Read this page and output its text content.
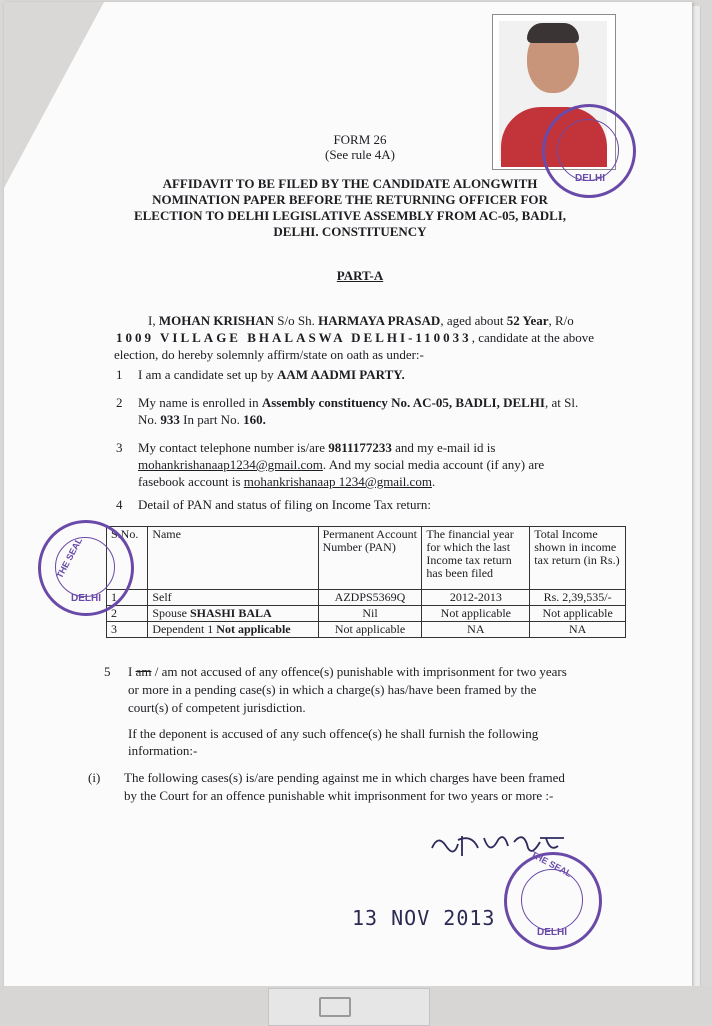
DELHI
FORM 26
(See rule 4A)
AFFIDAVIT TO BE FILED BY THE CANDIDATE ALONGWITH
NOMINATION PAPER BEFORE THE RETURNING OFFICER FOR
ELECTION TO DELHI LEGISLATIVE ASSEMBLY FROM AC-05, BADLI,
DELHI. CONSTITUENCY
PART-A
I, MOHAN KRISHAN S/o Sh. HARMAYA PRASAD, aged about 52 Year, R/o
1009 VILLAGE BHALASWA DELHI-110033, candidate at the above
election, do hereby solemnly affirm/state on oath as under:-
1 I am a candidate set up by AAM AADMI PARTY.
2 My name is enrolled in Assembly constituency No. AC-05, BADLI, DELHI, at Sl.
No. 933 In part No. 160.
3 My contact telephone number is/are 9811177233 and my e-mail id is
mohankrishanaap1234@gmail.com. And my social media account (if any) are
fasebook account is mohankrishanaap 1234@gmail.com.
4 Detail of PAN and status of filing on Income Tax return:
S.No.	Name	Permanent Account Number (PAN)	The financial year for which the last Income tax return has been filed	Total Income shown in income tax return (in Rs.)
1	Self	AZDPS5369Q	2012-2013	Rs. 2,39,535/-
2	Spouse SHASHI BALA	Nil	Not applicable	Not applicable
3	Dependent 1 Not applicable	Not applicable	NA	NA
DELHI
THE SEAL
5 I am / am not accused of any offence(s) punishable with imprisonment for two years
or more in a pending case(s) in which a charge(s) has/have been framed by the
court(s) of competent jurisdiction.
If the deponent is accused of any such offence(s) he shall furnish the following
information:-
(i) The following cases(s) is/are pending against me in which charges have been framed
by the Court for an offence punishable whit imprisonment for two years or more :-
DELHI
THE SEAL
13 NOV 2013
